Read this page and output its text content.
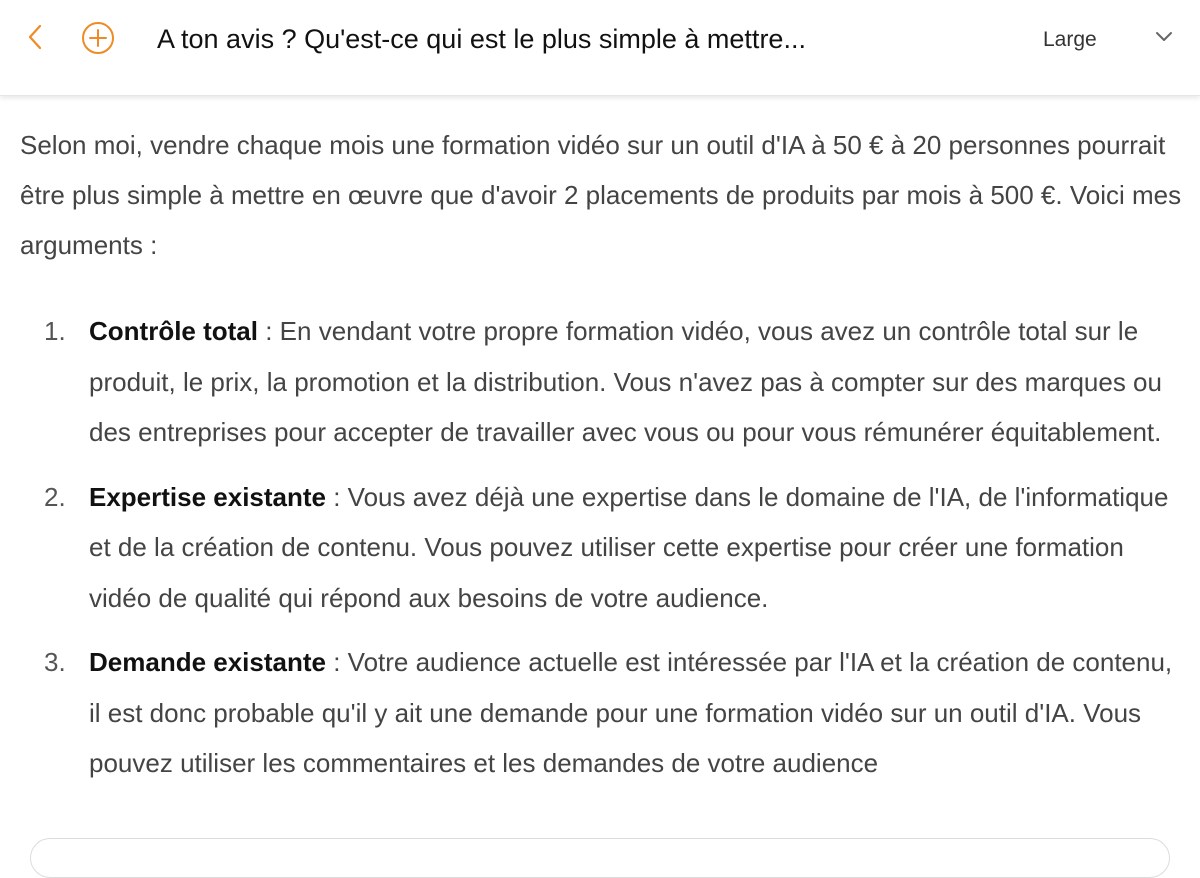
A ton avis ? Qu'est-ce qui est le plus simple à mettre...	Large

Selon moi, vendre chaque mois une formation vidéo sur un outil d'IA à 50 € à 20 personnes pourrait être plus simple à mettre en œuvre que d'avoir 2 placements de produits par mois à 500 €. Voici mes arguments :

1. Contrôle total : En vendant votre propre formation vidéo, vous avez un contrôle total sur le produit, le prix, la promotion et la distribution. Vous n'avez pas à compter sur des marques ou des entreprises pour accepter de travailler avec vous ou pour vous rémunérer équitablement.
2. Expertise existante : Vous avez déjà une expertise dans le domaine de l'IA, de l'informatique et de la création de contenu. Vous pouvez utiliser cette expertise pour créer une formation vidéo de qualité qui répond aux besoins de votre audience.
3. Demande existante : Votre audience actuelle est intéressée par l'IA et la création de contenu, il est donc probable qu'il y ait une demande pour une formation vidéo sur un outil d'IA. Vous pouvez utiliser les commentaires et les demandes de votre audience
